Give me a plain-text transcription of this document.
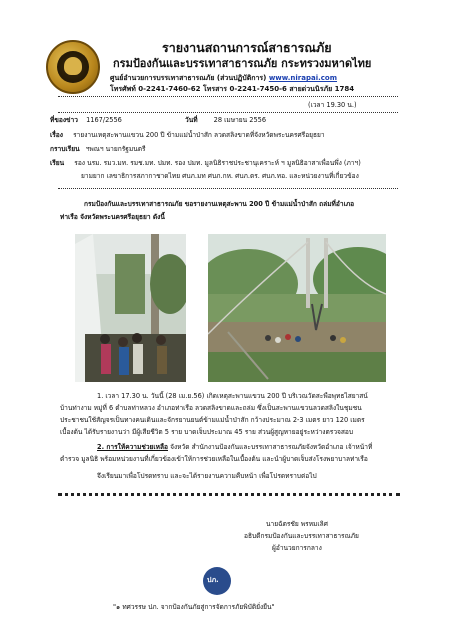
รายงานสถานการณ์สาธารณภัย
กรมป้องกันและบรรเทาสาธารณภัย กระทรวงมหาดไทย
ศูนย์อำนวยการบรรเทาสาธารณภัย (ส่วนปฏิบัติการ) www.nirapai.com
โทรศัพท์ 0-2241-7460-62 โทรสาร 0-2241-7450-6 สายด่วนนิรภัย 1784
(เวลา 19.30 น.)
ที่ของข่าว 1167/2556	วันที่ 28 เมษายน 2556
เรื่อง รายงานเหตุสะพานแขวน 200 ปี ข้ามแม่น้ำป่าสัก ลวดสลิงขาดที่จังหวัดพระนครศรีอยุธยา
กราบเรียน ฯพณฯ นายกรัฐมนตรี
เรียน รอง นรม. รมว.มท. รมช.มท. ปมท. รอง ปมท. มูลนิธิราชประชานุเคราะห์ ฯ มูลนิธิอาสาเพื่อนพึ่ง (ภาฯ)
ยามยาก เลขาธิการสภากาชาดไทย ศบภ.มท ศบภ.กห. ศบภ.ตร. ศบภ.ทอ. และหน่วยงานที่เกี่ยวข้อง
กรมป้องกันและบรรเทาสาธารณภัย ขอรายงานเหตุสะพาน 200 ปี ข้ามแม่น้ำป่าสัก ถล่มที่อำเภอ
ท่าเรือ จังหวัดพระนครศรีอยุธยา ดังนี้
1. เวลา 17.30 น. วันนี้ (28 เม.ย.56) เกิดเหตุสะพานแขวน 200 ปี บริเวณวัดสะพือพุทธไสยาสน์
บ้านท่างาม หมู่ที่ 6 ตำบลท่าหลวง อำเภอท่าเรือ ลวดสลิงขาดและถล่ม ซึ่งเป็นสะพานแขวนลวดสลิงในชุมชน
ประชาชนใช้สัญจรเป็นทางคนเดินและจักรยานยนต์ข้ามแม่น้ำป่าสัก กว้างประมาณ 2-3 เมตร ยาว 120 เมตร
เบื้องต้น ได้รับรายงานว่า มีผู้เสียชีวิต 5 ราย บาดเจ็บประมาณ 45 ราย ส่วนผู้สูญหายอยู่ระหว่างตรวจสอบ
2. การให้ความช่วยเหลือ จังหวัด สำนักงานป้องกันและบรรเทาสาธารณภัยจังหวัดอำเภอ เจ้าหน้าที่
ตำรวจ มูลนิธิ พร้อมหน่วยงานที่เกี่ยวข้องเข้าให้การช่วยเหลือในเบื้องต้น และนำผู้บาดเจ็บส่งโรงพยาบาลท่าเรือ
จึงเรียนมาเพื่อโปรดทราบ และจะได้รายงานความคืบหน้า เพื่อโปรดทราบต่อไป
นายฉัตรชัย พรหมเลิศ
อธิบดีกรมป้องกันและบรรเทาสาธารณภัย
ผู้อำนวยการกลาง
ปภ.
"๑ ทศวรรษ ปภ. จากป้องกันภัยสู่การจัดการภัยพิบัติยั่งยืน"
